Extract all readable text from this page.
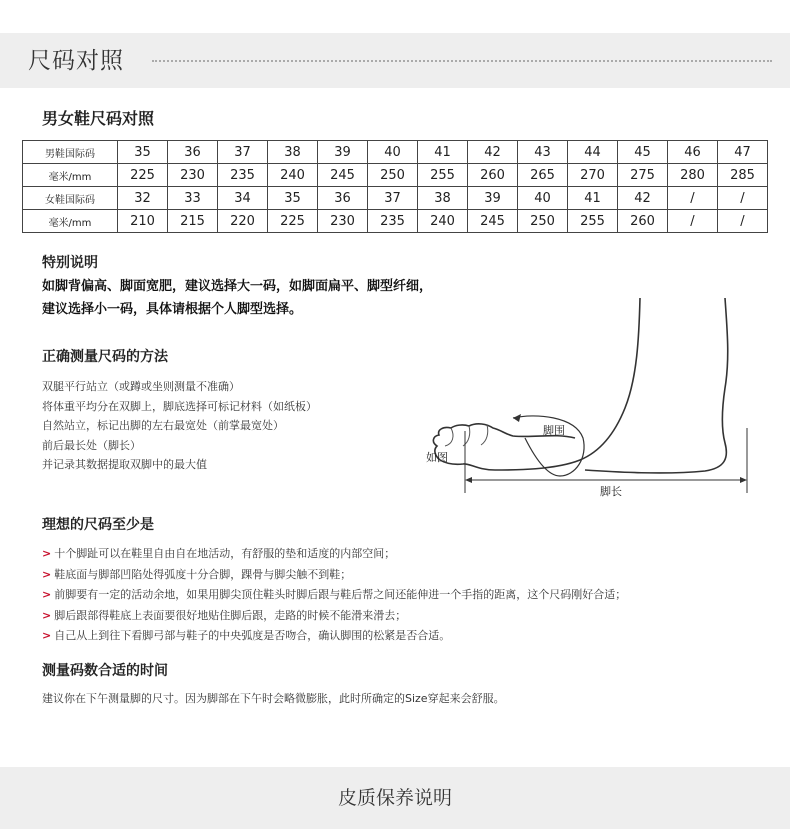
尺码对照
男女鞋尺码对照
男鞋国际码	35	36	37	38	39	40	41	42	43	44	45	46	47
毫米/mm	225	230	235	240	245	250	255	260	265	270	275	280	285
女鞋国际码	32	33	34	35	36	37	38	39	40	41	42	/	/
毫米/mm	210	215	220	225	230	235	240	245	250	255	260	/	/
特别说明
如脚背偏高、脚面宽肥，建议选择大一码，如脚面扁平、脚型纤细，
建议选择小一码，具体请根据个人脚型选择。
正确测量尺码的方法
双腿平行站立（或蹲或坐则测量不准确）
将体重平均分在双脚上，脚底选择可标记材料（如纸板）
自然站立，标记出脚的左右最宽处（前掌最宽处）
前后最长处（脚长）
并记录其数据提取双脚中的最大值
脚围
如图
脚长
理想的尺码至少是
> 十个脚趾可以在鞋里自由自在地活动，有舒服的垫和适度的内部空间；
> 鞋底面与脚部凹陷处得弧度十分合脚，踝骨与脚尖触不到鞋；
> 前脚要有一定的活动余地，如果用脚尖顶住鞋头时脚后跟与鞋后帮之间还能伸进一个手指的距离，这个尺码刚好合适；
> 脚后跟部得鞋底上表面要很好地贴住脚后跟，走路的时候不能滑来滑去；
> 自己从上到往下看脚弓部与鞋子的中央弧度是否吻合，确认脚围的松紧是否合适。
测量码数合适的时间
建议你在下午测量脚的尺寸。因为脚部在下午时会略微膨胀，此时所确定的Size穿起来会舒服。
皮质保养说明
